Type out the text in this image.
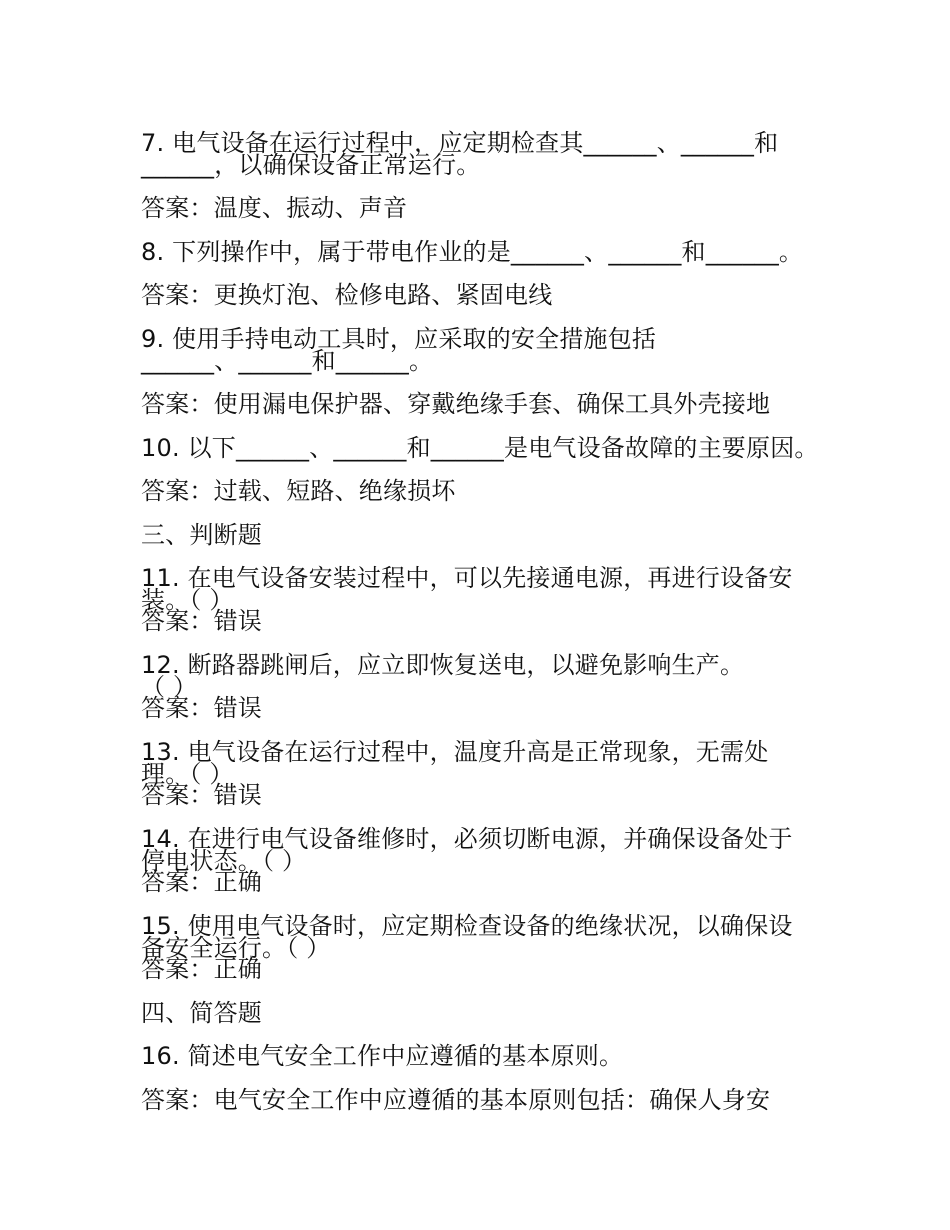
7. 电气设备在运行过程中，应定期检查其______、______和
______，以确保设备正常运行。
答案：温度、振动、声音
8. 下列操作中，属于带电作业的是______、______和______。
答案：更换灯泡、检修电路、紧固电线
9. 使用手持电动工具时，应采取的安全措施包括
______、______和______。
答案：使用漏电保护器、穿戴绝缘手套、确保工具外壳接地
10. 以下______、______和______是电气设备故障的主要原因。
答案：过载、短路、绝缘损坏
三、判断题
11. 在电气设备安装过程中，可以先接通电源，再进行设备安
装。（ ）
答案：错误
12. 断路器跳闸后，应立即恢复送电，以避免影响生产。
（ ）
答案：错误
13. 电气设备在运行过程中，温度升高是正常现象，无需处
理。（ ）
答案：错误
14. 在进行电气设备维修时，必须切断电源，并确保设备处于
停电状态。（ ）
答案：正确
15. 使用电气设备时，应定期检查设备的绝缘状况，以确保设
备安全运行。（ ）
答案：正确
四、简答题
16. 简述电气安全工作中应遵循的基本原则。
答案：电气安全工作中应遵循的基本原则包括：确保人身安
